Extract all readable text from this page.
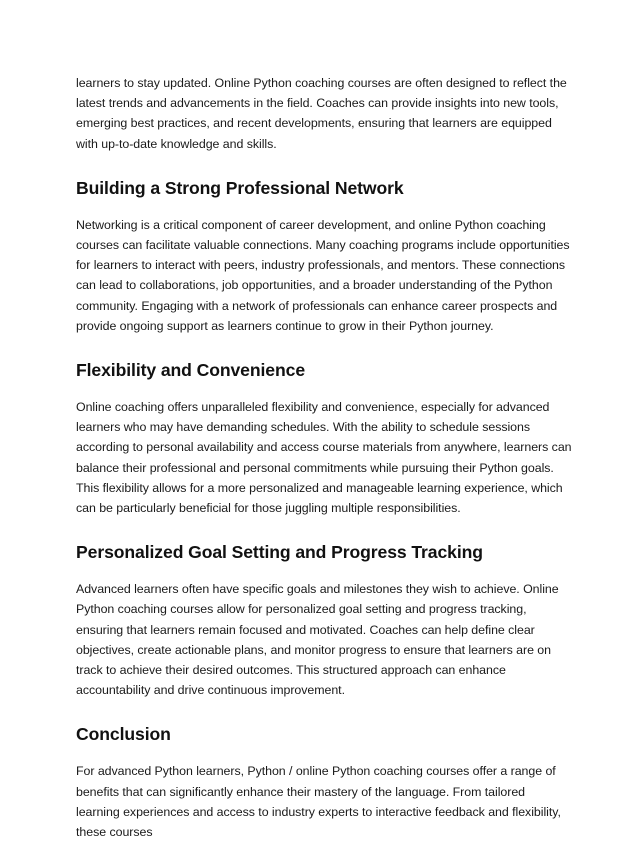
learners to stay updated. Online Python coaching courses are often designed to reflect the latest trends and advancements in the field. Coaches can provide insights into new tools, emerging best practices, and recent developments, ensuring that learners are equipped with up-to-date knowledge and skills.

Building a Strong Professional Network

Networking is a critical component of career development, and online Python coaching courses can facilitate valuable connections. Many coaching programs include opportunities for learners to interact with peers, industry professionals, and mentors. These connections can lead to collaborations, job opportunities, and a broader understanding of the Python community. Engaging with a network of professionals can enhance career prospects and provide ongoing support as learners continue to grow in their Python journey.

Flexibility and Convenience

Online coaching offers unparalleled flexibility and convenience, especially for advanced learners who may have demanding schedules. With the ability to schedule sessions according to personal availability and access course materials from anywhere, learners can balance their professional and personal commitments while pursuing their Python goals. This flexibility allows for a more personalized and manageable learning experience, which can be particularly beneficial for those juggling multiple responsibilities.

Personalized Goal Setting and Progress Tracking

Advanced learners often have specific goals and milestones they wish to achieve. Online Python coaching courses allow for personalized goal setting and progress tracking, ensuring that learners remain focused and motivated. Coaches can help define clear objectives, create actionable plans, and monitor progress to ensure that learners are on track to achieve their desired outcomes. This structured approach can enhance accountability and drive continuous improvement.

Conclusion

For advanced Python learners, Python / online Python coaching courses offer a range of benefits that can significantly enhance their mastery of the language. From tailored learning experiences and access to industry experts to interactive feedback and flexibility, these courses
